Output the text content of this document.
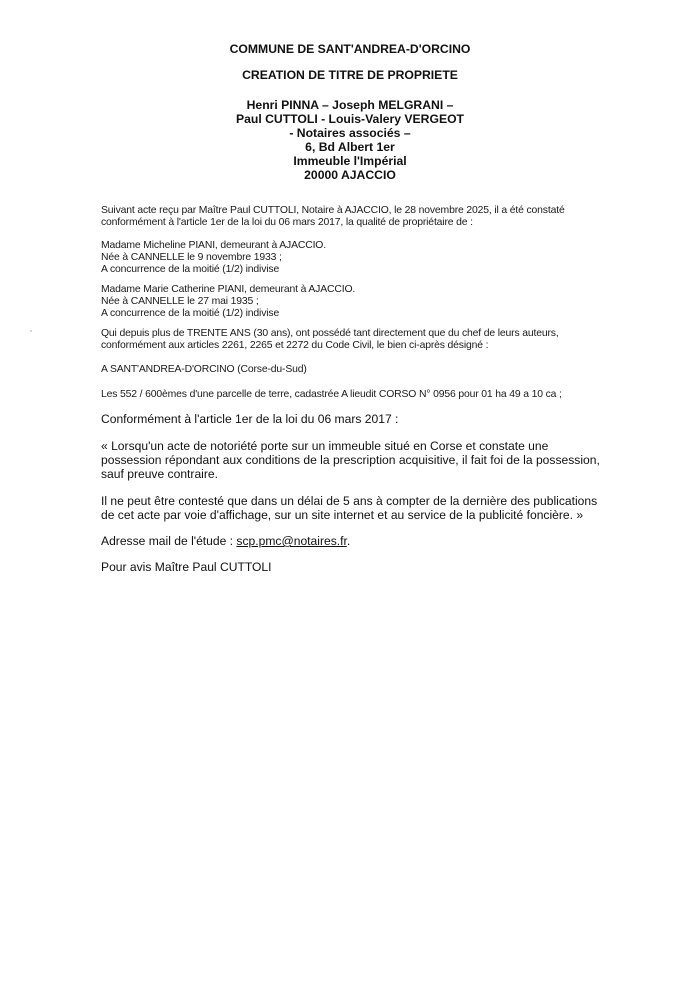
COMMUNE DE SANT'ANDREA-D'ORCINO
CREATION DE TITRE DE PROPRIETE
Henri PINNA – Joseph MELGRANI –
Paul CUTTOLI - Louis-Valery VERGEOT
- Notaires associés –
6, Bd Albert 1er
Immeuble l'Impérial
20000 AJACCIO
Suivant acte reçu par Maître Paul CUTTOLI, Notaire à AJACCIO, le 28 novembre 2025, il a été constaté
conformément à l'article 1er de la loi du 06 mars 2017, la qualité de propriétaire de :
Madame Micheline PIANI, demeurant à AJACCIO.
Née à CANNELLE le 9 novembre 1933 ;
A concurrence de la moitié (1/2) indivise
Madame Marie Catherine PIANI, demeurant à AJACCIO.
Née à CANNELLE le 27 mai 1935 ;
A concurrence de la moitié (1/2) indivise
Qui depuis plus de TRENTE ANS (30 ans), ont possédé tant directement que du chef de leurs auteurs,
conformément aux articles 2261, 2265 et 2272 du Code Civil, le bien ci-après désigné :
A SANT'ANDREA-D'ORCINO (Corse-du-Sud)
Les 552 / 600èmes d'une parcelle de terre, cadastrée A lieudit CORSO N° 0956 pour 01 ha 49 a 10 ca ;
Conformément à l'article 1er de la loi du 06 mars 2017 :
« Lorsqu'un acte de notoriété porte sur un immeuble situé en Corse et constate une
possession répondant aux conditions de la prescription acquisitive, il fait foi de la possession,
sauf preuve contraire.
Il ne peut être contesté que dans un délai de 5 ans à compter de la dernière des publications
de cet acte par voie d'affichage, sur un site internet et au service de la publicité foncière. »
Adresse mail de l'étude : scp.pmc@notaires.fr.
Pour avis Maître Paul CUTTOLI
